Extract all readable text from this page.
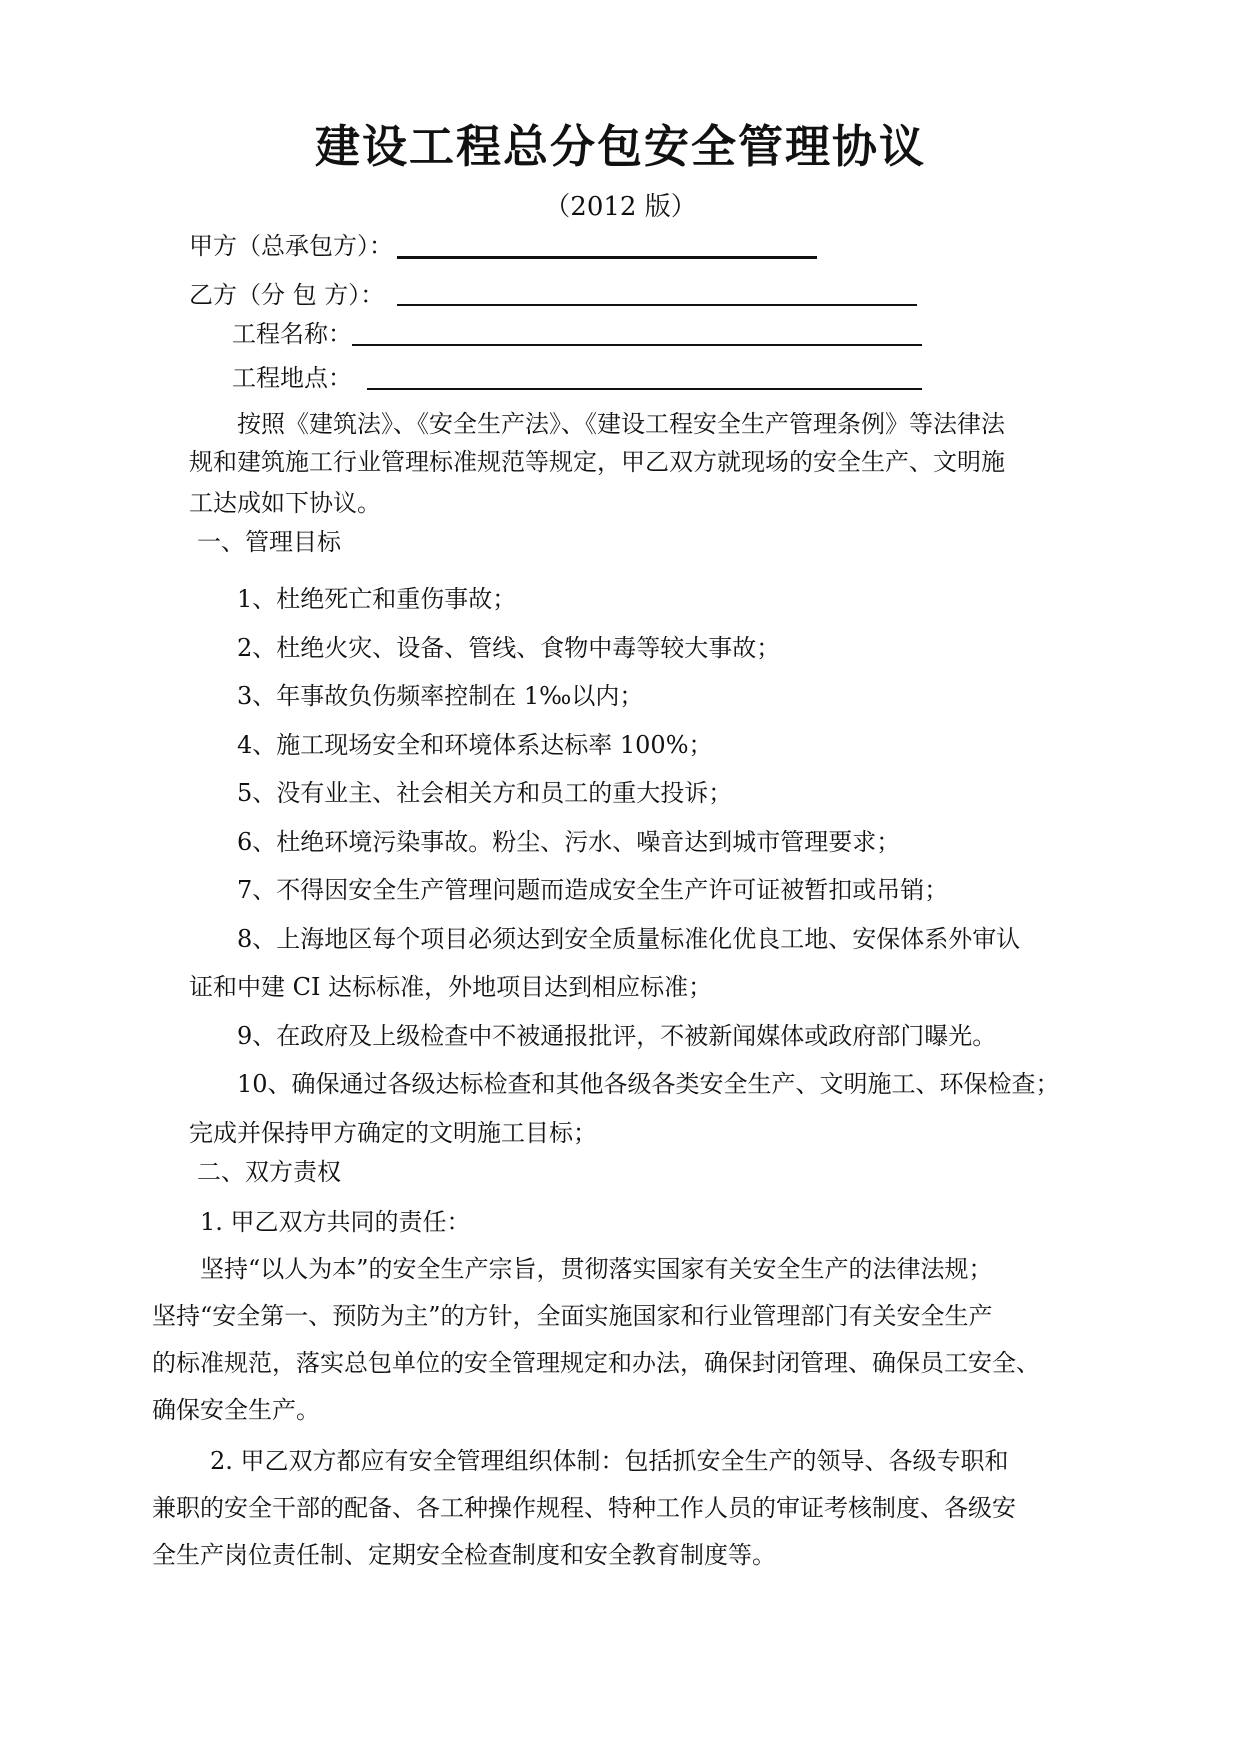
建设工程总分包安全管理协议
（2012 版）
甲方（总承包方）：
乙方（分 包 方）：
工程名称：
工程地点：
按照《建筑法》、《安全生产法》、《建设工程安全生产管理条例》等法律法
规和建筑施工行业管理标准规范等规定，甲乙双方就现场的安全生产、文明施
工达成如下协议。
一、管理目标
1、杜绝死亡和重伤事故；
2、杜绝火灾、设备、管线、食物中毒等较大事故；
3、年事故负伤频率控制在 1‰以内；
4、施工现场安全和环境体系达标率 100%；
5、没有业主、社会相关方和员工的重大投诉；
6、杜绝环境污染事故。粉尘、污水、噪音达到城市管理要求；
7、不得因安全生产管理问题而造成安全生产许可证被暂扣或吊销；
8、上海地区每个项目必须达到安全质量标准化优良工地、安保体系外审认
证和中建 CI 达标标准，外地项目达到相应标准；
9、在政府及上级检查中不被通报批评，不被新闻媒体或政府部门曝光。
10、确保通过各级达标检查和其他各级各类安全生产、文明施工、环保检查；
完成并保持甲方确定的文明施工目标；
二、双方责权
1. 甲乙双方共同的责任：
坚持“以人为本”的安全生产宗旨，贯彻落实国家有关安全生产的法律法规；
坚持“安全第一、预防为主”的方针，全面实施国家和行业管理部门有关安全生产
的标准规范，落实总包单位的安全管理规定和办法，确保封闭管理、确保员工安全、
确保安全生产。
2. 甲乙双方都应有安全管理组织体制：包括抓安全生产的领导、各级专职和
兼职的安全干部的配备、各工种操作规程、特种工作人员的审证考核制度、各级安
全生产岗位责任制、定期安全检查制度和安全教育制度等。
